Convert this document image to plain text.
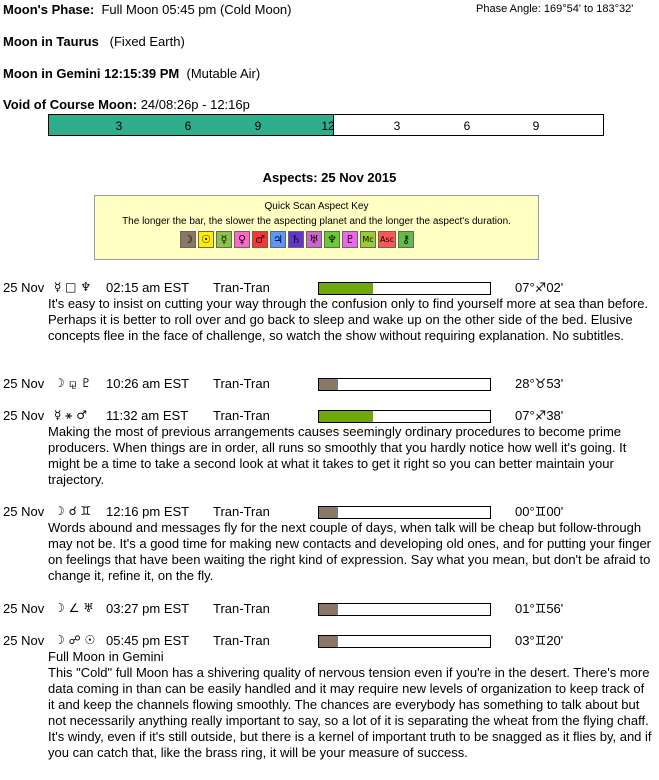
Moon's Phase: Full Moon 05:45 pm (Cold Moon)	Phase Angle: 169°54' to 183°32'
Moon in Taurus (Fixed Earth)
Moon in Gemini 12:15:39 PM (Mutable Air)
Void of Course Moon: 24/08:26p - 12:16p
3	6	9	12	3	6	9
Aspects: 25 Nov 2015
Quick Scan Aspect Key
The longer the bar, the slower the aspecting planet and the longer the aspect's duration.
☽ ☉ ☿ ♀ ♂ ♃ ♄ ♅ ♆ ♇ Mc Asc ⚷
25 Nov ☿ □ ♆ 02:15 am EST Tran-Tran	07°♐02'
It's easy to insist on cutting your way through the confusion only to find yourself more at sea than before. Perhaps it is better to roll over and go back to sleep and wake up on the other side of the bed. Elusive concepts flee in the face of challenge, so watch the show without requiring explanation. No subtitles.
25 Nov ☽ ⚼ ♇ 10:26 am EST Tran-Tran	28°♉53'
25 Nov ☿ ⚹ ♂ 11:32 am EST Tran-Tran	07°♐38'
Making the most of previous arrangements causes seemingly ordinary procedures to become prime producers. When things are in order, all runs so smoothly that you hardly notice how well it's going. It might be a time to take a second look at what it takes to get it right so you can better maintain your trajectory.
25 Nov ☽ ☌ ♊ 12:16 pm EST Tran-Tran	00°♊00'
Words abound and messages fly for the next couple of days, when talk will be cheap but follow-through may not be. It's a good time for making new contacts and developing old ones, and for putting your finger on feelings that have been waiting the right kind of expression. Say what you mean, but don't be afraid to change it, refine it, on the fly.
25 Nov ☽ ∠ ♅ 03:27 pm EST Tran-Tran	01°♊56'
25 Nov ☽ ☍ ☉ 05:45 pm EST Tran-Tran	03°♊20'
Full Moon in Gemini
This "Cold" full Moon has a shivering quality of nervous tension even if you're in the desert. There's more data coming in than can be easily handled and it may require new levels of organization to keep track of it and keep the channels flowing smoothly. The chances are everybody has something to talk about but not necessarily anything really important to say, so a lot of it is separating the wheat from the flying chaff. It's windy, even if it's still outside, but there is a kernel of important truth to be snagged as it flies by, and if you can catch that, like the brass ring, it will be your measure of success.
